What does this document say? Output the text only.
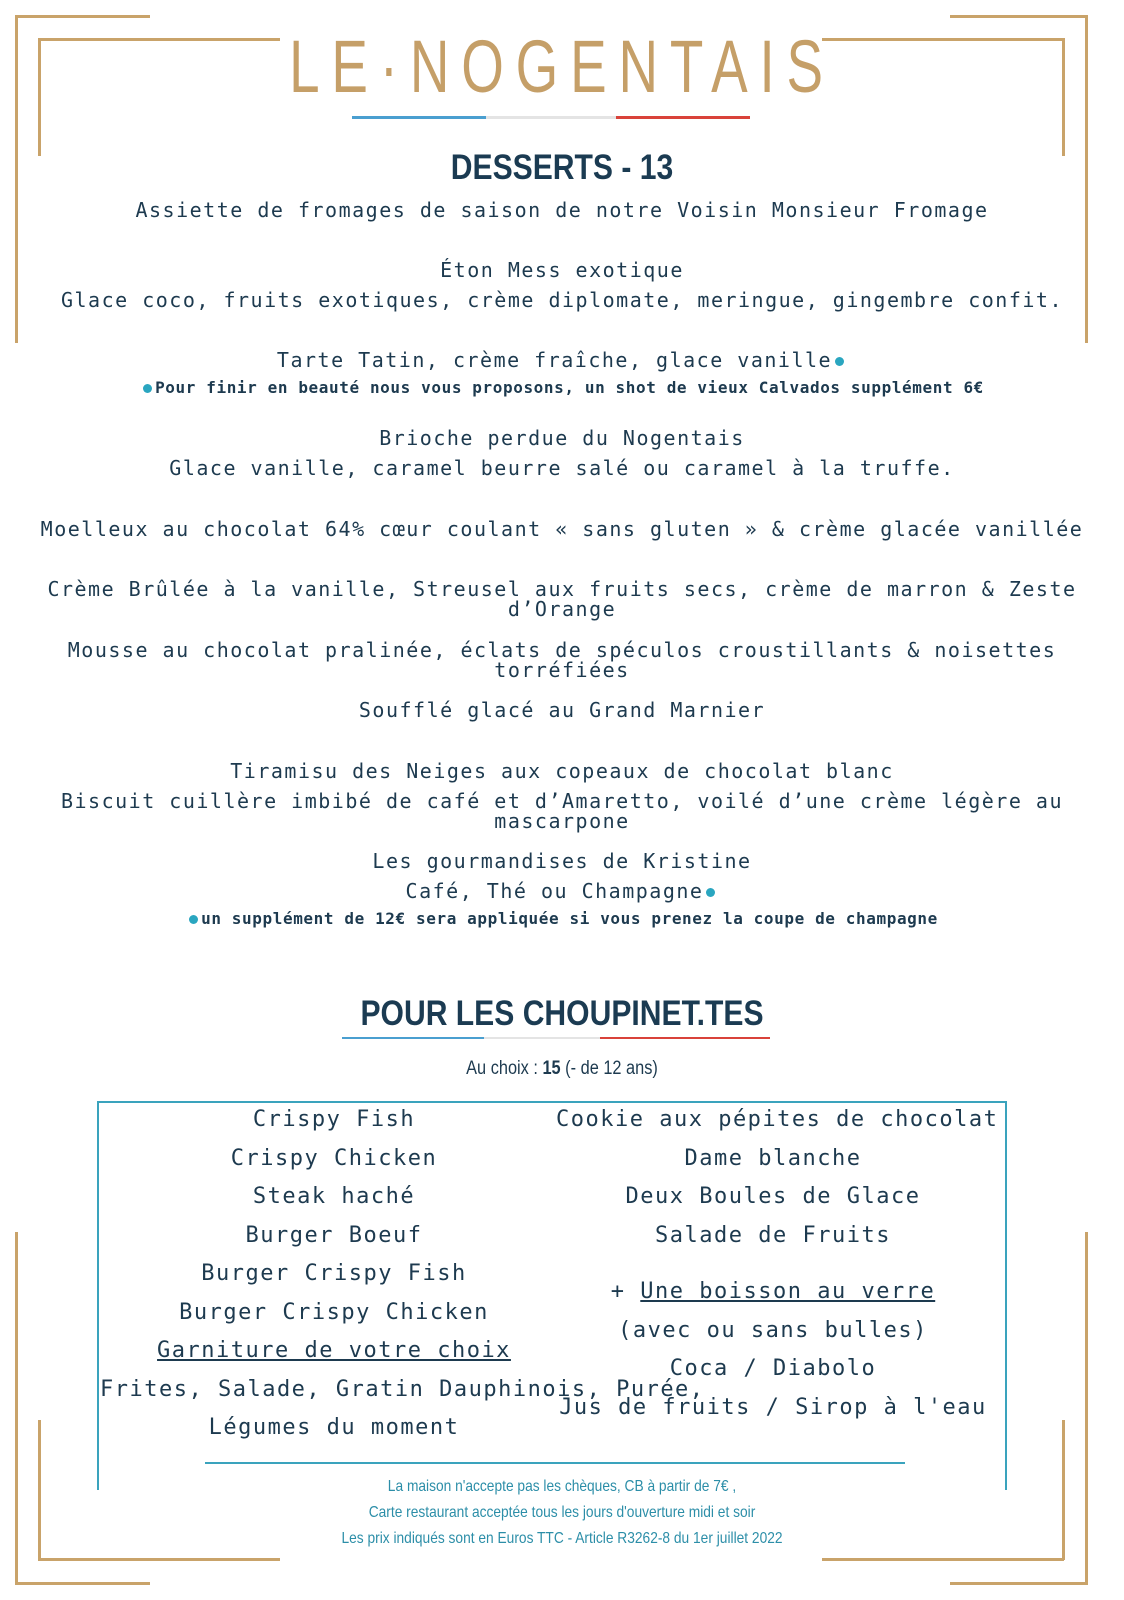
LE·NOGENTAIS
DESSERTS - 13
Assiette de fromages de saison de notre Voisin Monsieur Fromage
Éton Mess exotique
Glace coco, fruits exotiques, crème diplomate, meringue, gingembre confit.
Tarte Tatin, crème fraîche, glace vanille
Pour finir en beauté nous vous proposons, un shot de vieux Calvados supplément 6€
Brioche perdue du Nogentais
Glace vanille, caramel beurre salé ou caramel à la truffe.
Moelleux au chocolat 64% cœur coulant « sans gluten » & crème glacée vanillée
Crème Brûlée à la vanille, Streusel aux fruits secs, crème de marron & Zeste d’Orange
Mousse au chocolat pralinée, éclats de spéculos croustillants & noisettes torréfiées
Soufflé glacé au Grand Marnier
Tiramisu des Neiges aux copeaux de chocolat blanc
Biscuit cuillère imbibé de café et d’Amaretto, voilé d’une crème légère au mascarpone
Les gourmandises de Kristine
Café, Thé ou Champagne
un supplément de 12€ sera appliquée si vous prenez la coupe de champagne
POUR LES CHOUPINET.TES
Au choix : 15 (- de 12 ans)
Crispy Fish
Crispy Chicken
Steak haché
Burger Boeuf
Burger Crispy Fish
Burger Crispy Chicken
Garniture de votre choix
Frites, Salade, Gratin Dauphinois, Purée,
Légumes du moment
Cookie aux pépites de chocolat
Dame blanche
Deux Boules de Glace
Salade de Fruits
+ Une boisson au verre
(avec ou sans bulles)
Coca / Diabolo
Jus de fruits / Sirop à l'eau
La maison n'accepte pas les chèques, CB à partir de 7€ ,
Carte restaurant acceptée tous les jours d'ouverture midi et soir
Les prix indiqués sont en Euros TTC - Article R3262-8 du 1er juillet 2022
